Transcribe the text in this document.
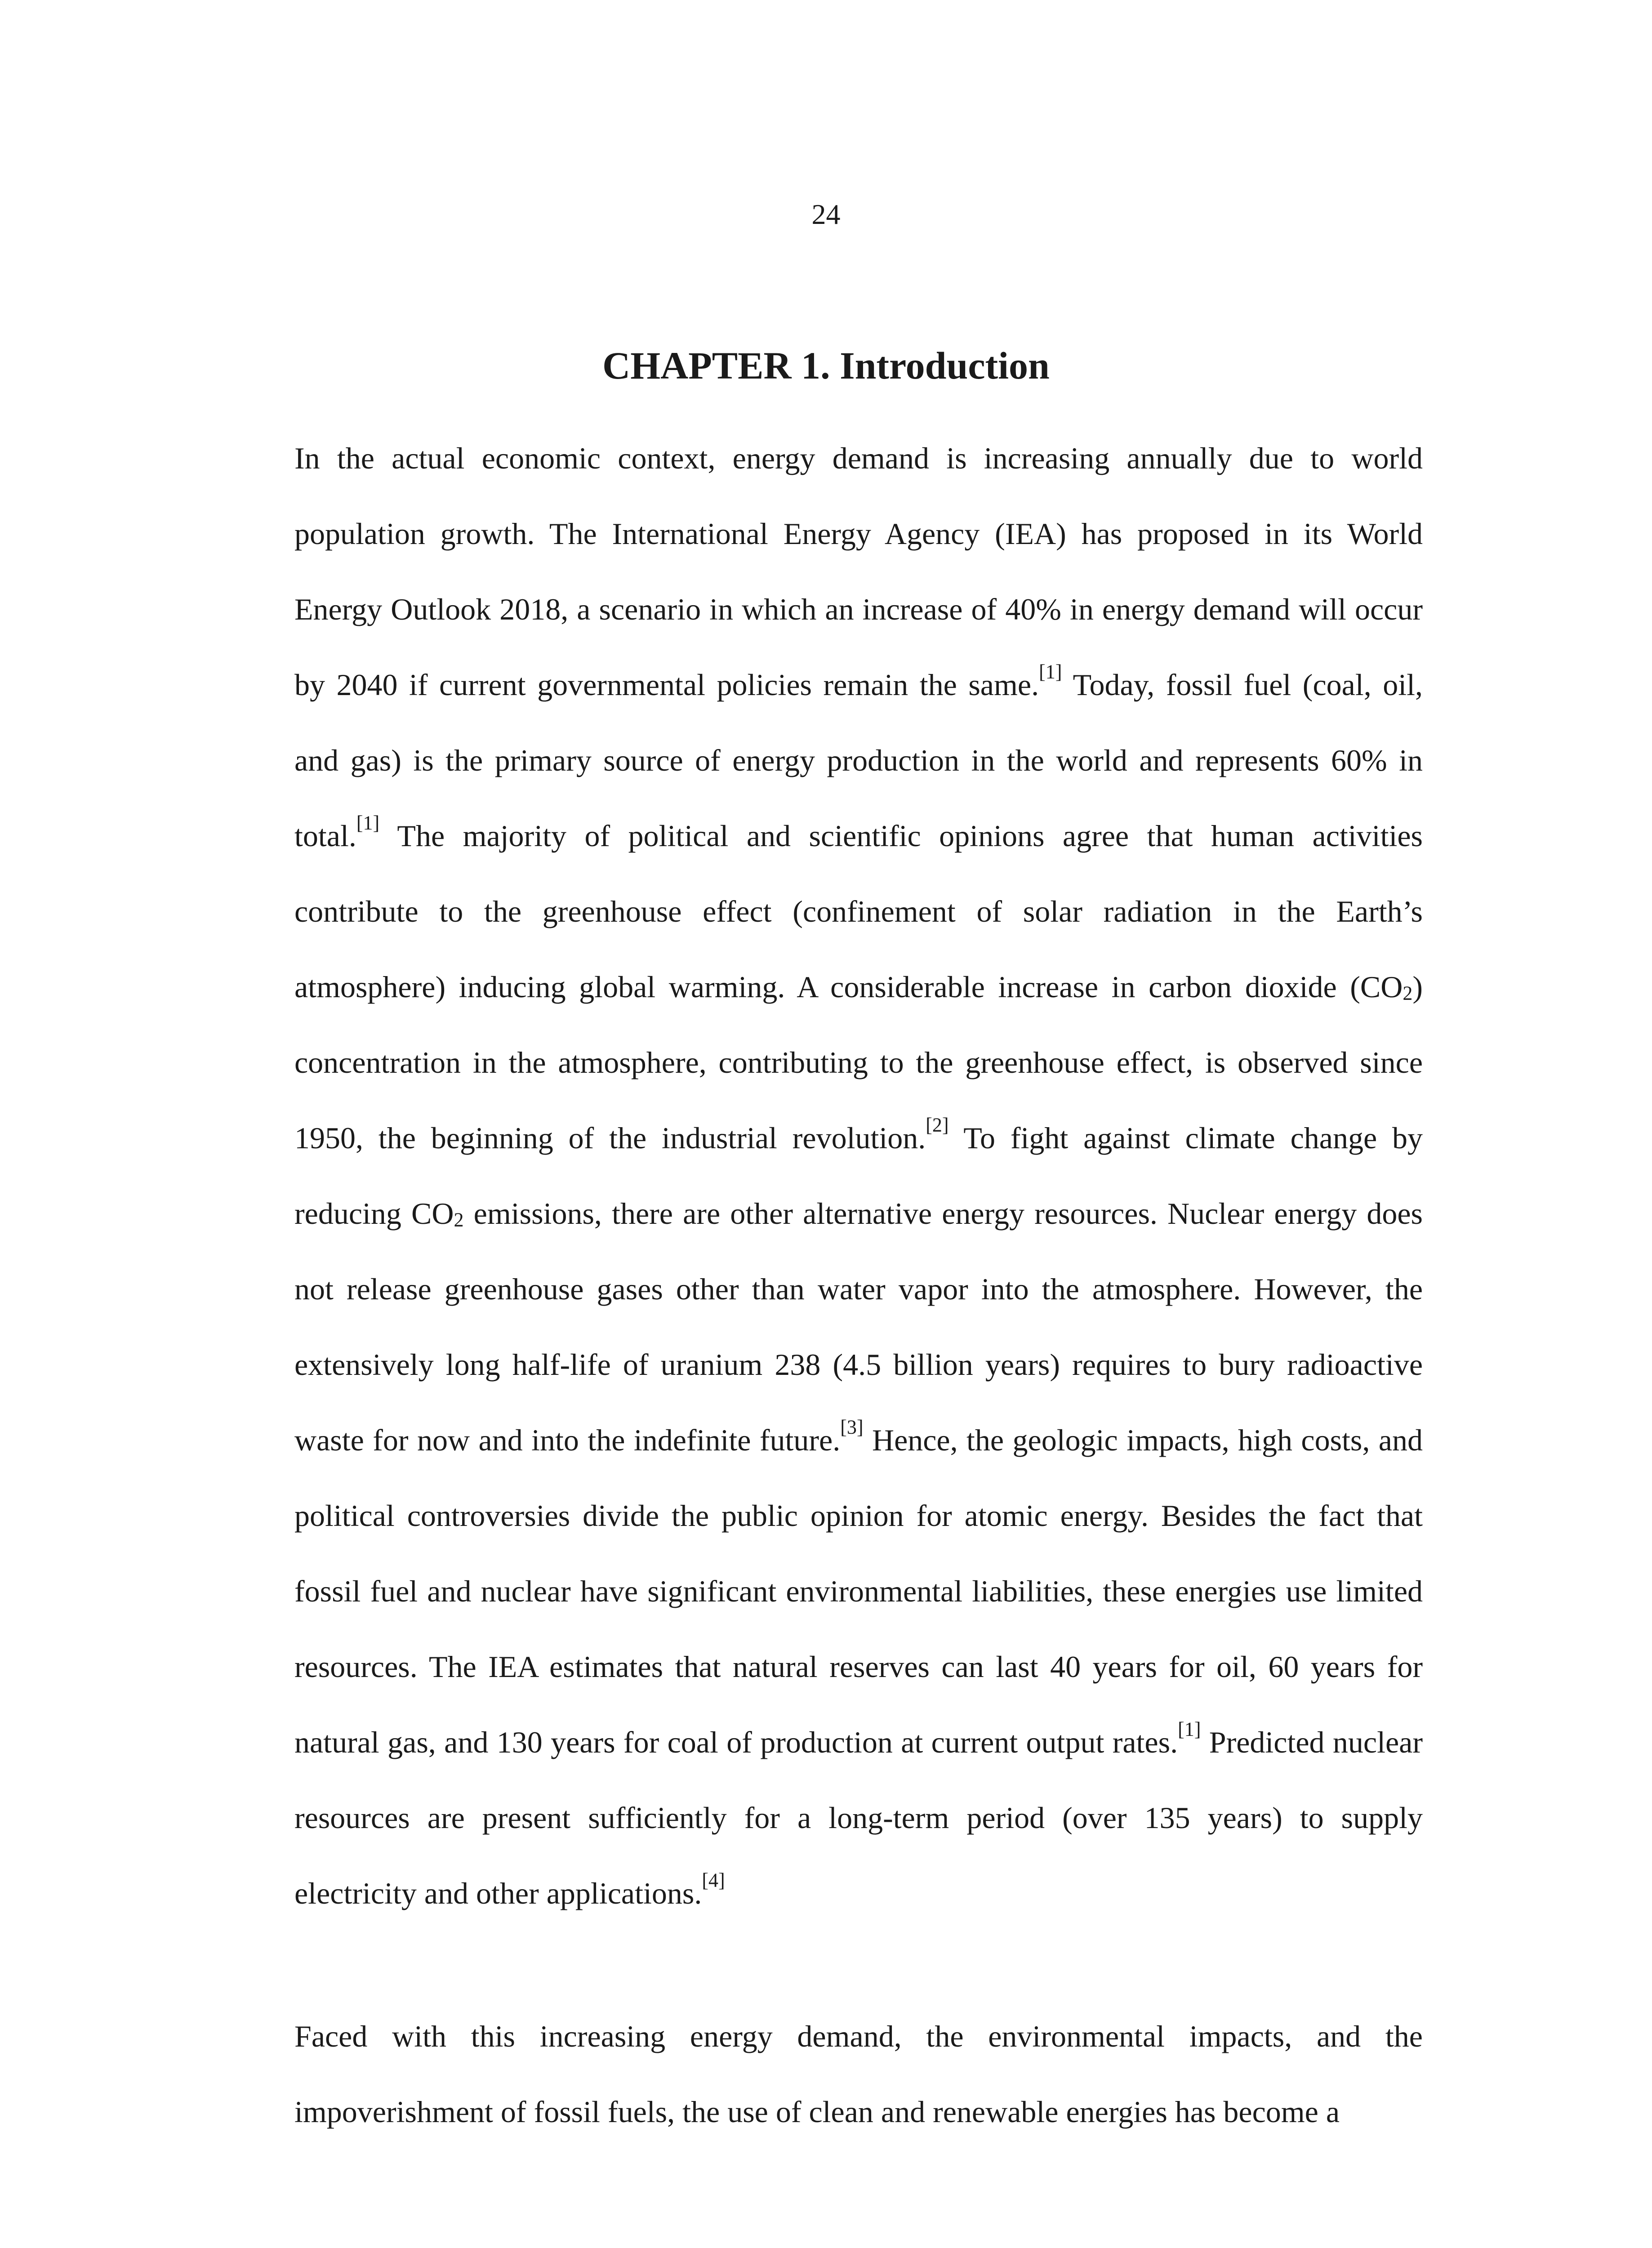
24
CHAPTER 1. Introduction

In the actual economic context, energy demand is increasing annually due to world population growth. The International Energy Agency (IEA) has proposed in its World Energy Outlook 2018, a scenario in which an increase of 40% in energy demand will occur by 2040 if current governmental policies remain the same.[1] Today, fossil fuel (coal, oil, and gas) is the primary source of energy production in the world and represents 60% in total.[1] The majority of political and scientific opinions agree that human activities contribute to the greenhouse effect (confinement of solar radiation in the Earth’s atmosphere) inducing global warming. A considerable increase in carbon dioxide $(CO_2)$ concentration in the atmosphere, contributing to the greenhouse effect, is observed since 1950, the beginning of the industrial revolution.[2] To fight against climate change by reducing $CO_2$ emissions, there are other alternative energy resources. Nuclear energy does not release greenhouse gases other than water vapor into the atmosphere. However, the extensively long half-life of uranium 238 (4.5 billion years) requires to bury radioactive waste for now and into the indefinite future.[3] Hence, the geologic impacts, high costs, and political controversies divide the public opinion for atomic energy. Besides the fact that fossil fuel and nuclear have significant environmental liabilities, these energies use limited resources. The IEA estimates that natural reserves can last 40 years for oil, 60 years for natural gas, and 130 years for coal of production at current output rates.[1] Predicted nuclear resources are present sufficiently for a long-term period (over 135 years) to supply electricity and other applications.[4]

Faced with this increasing energy demand, the environmental impacts, and the impoverishment of fossil fuels, the use of clean and renewable energies has become a
